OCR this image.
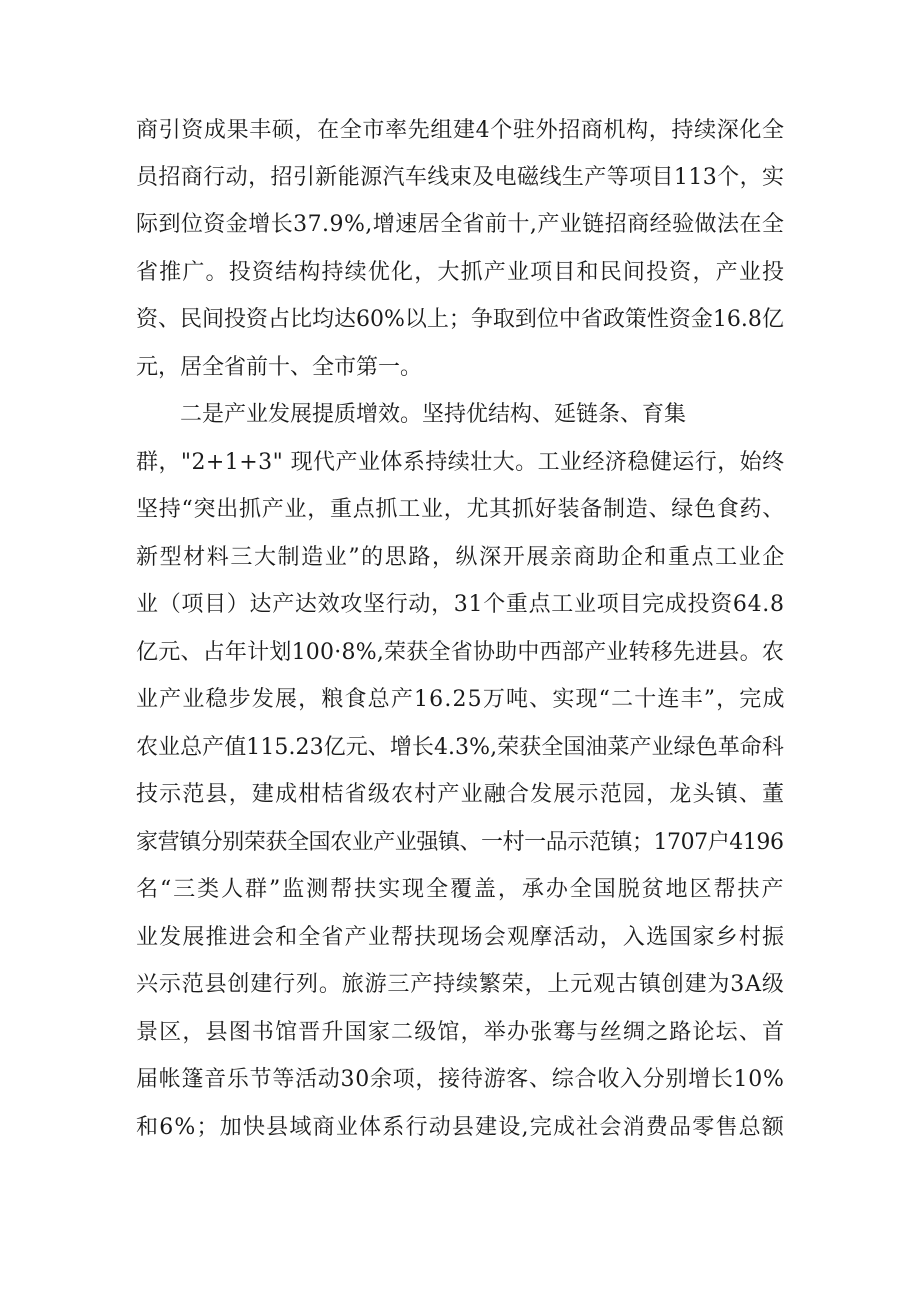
商引资成果丰硕，在全市率先组建4个驻外招商机构，持续深化全
员招商行动，招引新能源汽车线束及电磁线生产等项目113个，实
际到位资金增长37.9%,增速居全省前十,产业链招商经验做法在全
省推广。投资结构持续优化，大抓产业项目和民间投资，产业投
资、民间投资占比均达60%以上；争取到位中省政策性资金16.8亿
元，居全省前十、全市第一。
二是产业发展提质增效。坚持优结构、延链条、育集
群，"2+1+3" 现代产业体系持续壮大。工业经济稳健运行，始终
坚持“突出抓产业，重点抓工业，尤其抓好装备制造、绿色食药、
新型材料三大制造业”的思路，纵深开展亲商助企和重点工业企
业（项目）达产达效攻坚行动，31个重点工业项目完成投资64.8
亿元、占年计划100·8%,荣获全省协助中西部产业转移先进县。农
业产业稳步发展，粮食总产16.25万吨、实现“二十连丰”，完成
农业总产值115.23亿元、增长4.3%,荣获全国油菜产业绿色革命科
技示范县，建成柑桔省级农村产业融合发展示范园，龙头镇、董
家营镇分别荣获全国农业产业强镇、一村一品示范镇；1707户4196
名“三类人群”监测帮扶实现全覆盖，承办全国脱贫地区帮扶产
业发展推进会和全省产业帮扶现场会观摩活动，入选国家乡村振
兴示范县创建行列。旅游三产持续繁荣，上元观古镇创建为3A级
景区，县图书馆晋升国家二级馆，举办张骞与丝绸之路论坛、首
届帐篷音乐节等活动30余项，接待游客、综合收入分别增长10%
和6%；加快县域商业体系行动县建设,完成社会消费品零售总额
